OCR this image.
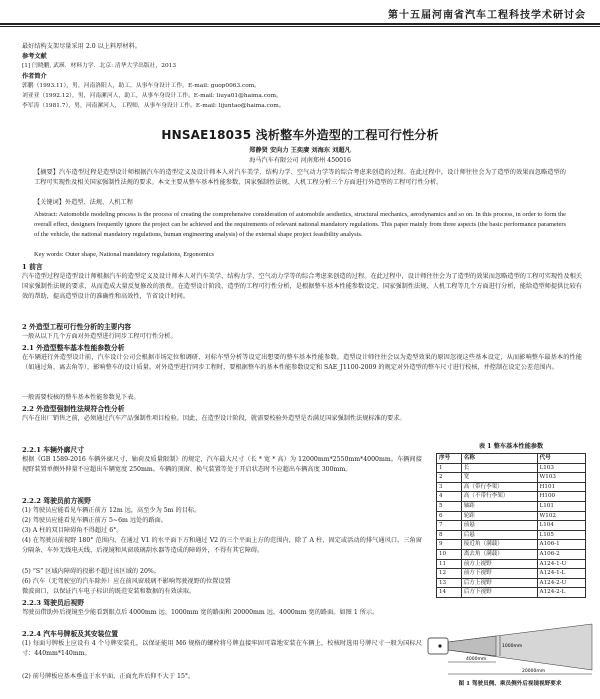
第十五届河南省汽车工程科技学术研讨会
最好结构支架尽量采用 2.0 以上料厚材料。
参考文献
[1] 闫晓鹏, 武瑛．材料力学．北京: 清华大学出版社，2013
作者简介
郭鹏（1993.11），男，河南洛阳人，助工，从事车身设计工作。E-mail: guop0063.com。
刘亚亚（1992.12），男，河南漯河人，助工，从事车身设计工作。E-mail: liuya01@haima.com。
李军涛（1981.7），男，河南漯河人，工程师，从事车身设计工作。E-mail: lijuntao@haima.com。
HNSAE18035 浅析整车外造型的工程可行性分析
郑静贤 安向力 王奕赓 刘海东 刘超凡
海马汽车有限公司 河南郑州 450016
【摘要】汽车造型过程是造型设计师根据汽车的造型定义及设计师本人对汽车美学、结构力学、空气动力学等的综合考虑来创造的过程。在此过程中，设计师往往会为了造型的效果而忽略造型的工程可实现性及相关国家强制性法规的要求。本文主要从整车基本性能参数、国家强制性法规、人机工程分析三个方面进行外造型的工程可行性分析。
【关键词】外造型、法规、人机工程
Abstract: Automobile modeling process is the process of creating the comprehensive consideration of automobile aesthetics, structural mechanics, aerodynamics and so on. In this process, in order to form the overall effect, designers frequently ignore the project can be achieved and the requirements of relevant national mandatory regulations. This paper mainly from three aspects (the basic performance parameters of the vehicle, the national mandatory regulations, human engineering analysis) of the external shape project feasibility analysis.
Key words: Outer shape, National mandatory regulations, Ergonomics
1 前言
汽车造型过程是造型设计师根据汽车的造型定义及设计师本人对汽车美学、结构力学、空气动力学等的综合考虑来创造的过程。在此过程中，设计师往往会为了造型的效果而忽略造型的工程可实现性及相关国家强制性法规的要求，从而造成大量反复修改的浪费。在造型设计阶段，造型的工程可行性分析，是根据整车基本性能参数设定、国家强制性法规、人机工程等几个方面进行分析，能给造型师提供比较有效的帮助，提高造型设计的准确性和高效性，节省设计时间。
2 外造型工程可行性分析的主要内容
一般从以下几个方面对外造型进行同步工程可行性分析。
2.1 外造型整车基本性能参数分析
在车辆进行外造型设计前，汽车设计公司会根据市场定位和调研、对标车型分析等设定出想要的整车基本性能参数。造型设计师往往会以为造型效果的原因忽视这些基本设定，从而影响整车最基本的性能（如通过角、离去角等），影响整车的设计质量。对外造型进行同步工程时，要根据整车的基本性能参数设定和 SAE_J1100-2009 的规定对外造型的整车尺寸进行校核，并控制在设定公差范围内。
一般需要校核的整车基本性能参数见下表。
2.2 外造型强制性法规符合性分析
汽车在出厂销售之前，必须通过汽车产品强制性项目检验。因此，在造型设计阶段，就需要校验外造型是否满足国家强制性法规标准的要求。
2.2.1 车辆外廓尺寸
根据《GB 1589-2016 车辆外廓尺寸、轴荷及质量限制》的规定，汽车最大尺寸（长 * 宽 * 高）为 12000mm*2550mm*4000mm。车辆间接视野装置单侧外伸量不应超出车辆宽度 250mm。车辆的顶窗、换气装置等处于开启状态时不应超出车辆高度 300mm。
2.2.2 驾驶员前方视野
(1) 驾驶员应能看见车辆正前方 12m 远，高至少为 5m 的目标。
(2) 驾驶员应能看见车辆正前方 5~6m 远处的路面。
(3) A 柱的双目障碍角不得超过 6°。
(4) 在驾驶员前视野 180° 范围内，在通过 V1 的水平面下方和通过 V2 的三个平面上方的范围内，除了 A 柱、固定或活动的排气通风口、三角窗分隔条、车外无线电天线、后视镜和风窗玻璃刮水器等造成的障碍外，不得有其它障碍。
(5) “S” 区域内障碍的投影不超过该区域的 20%。
(6) 汽车（无驾驶室的汽车除外）应在前风窗玻璃不影响驾驶视野的位置设置
微波窗口，以保证汽车电子标识的既范安装和数据的有效读取。
2.2.3 驾驶员后视野
驾驶员借助外后视镜至少能看到眼点后 4000mm 远、1000mm 宽的路面和 20000mm 远、4000mm 宽的路面。如图 1 所示。
2.2.4 汽车号牌板及其安装位置
(1) 每面号牌板上应设有 4 个号牌安装孔，以保证能用 M6 规格的螺栓将号牌直接牢固可靠地安装在车辆上，校核时选用号牌尺寸一般为国标尺寸：440mm*140mm。
(2) 前号牌板应基本垂直于水平面，正面允许后仰不大于 15°。
表 1 整车基本性能参数
序号	名称	代号
1	长	L103
2	宽	W103
3	高（带行李架）	H101
4	高（不带行李架）	H100
5	轴距	L101
6	轮距	W102
7	前悬	L104
8	后悬	L105
9	接近角（满载）	A106-1
10	离去角（满载）	A106-2
11	前方上视野	A124-1-U
12	前方下视野	A124-1-L
13	后方上视野	A124-2-U
14	后方下视野	A124-2-L
4000mm
1000mm
20000mm
图 1 驾驶员侧、乘员侧外后视镜视野要求
